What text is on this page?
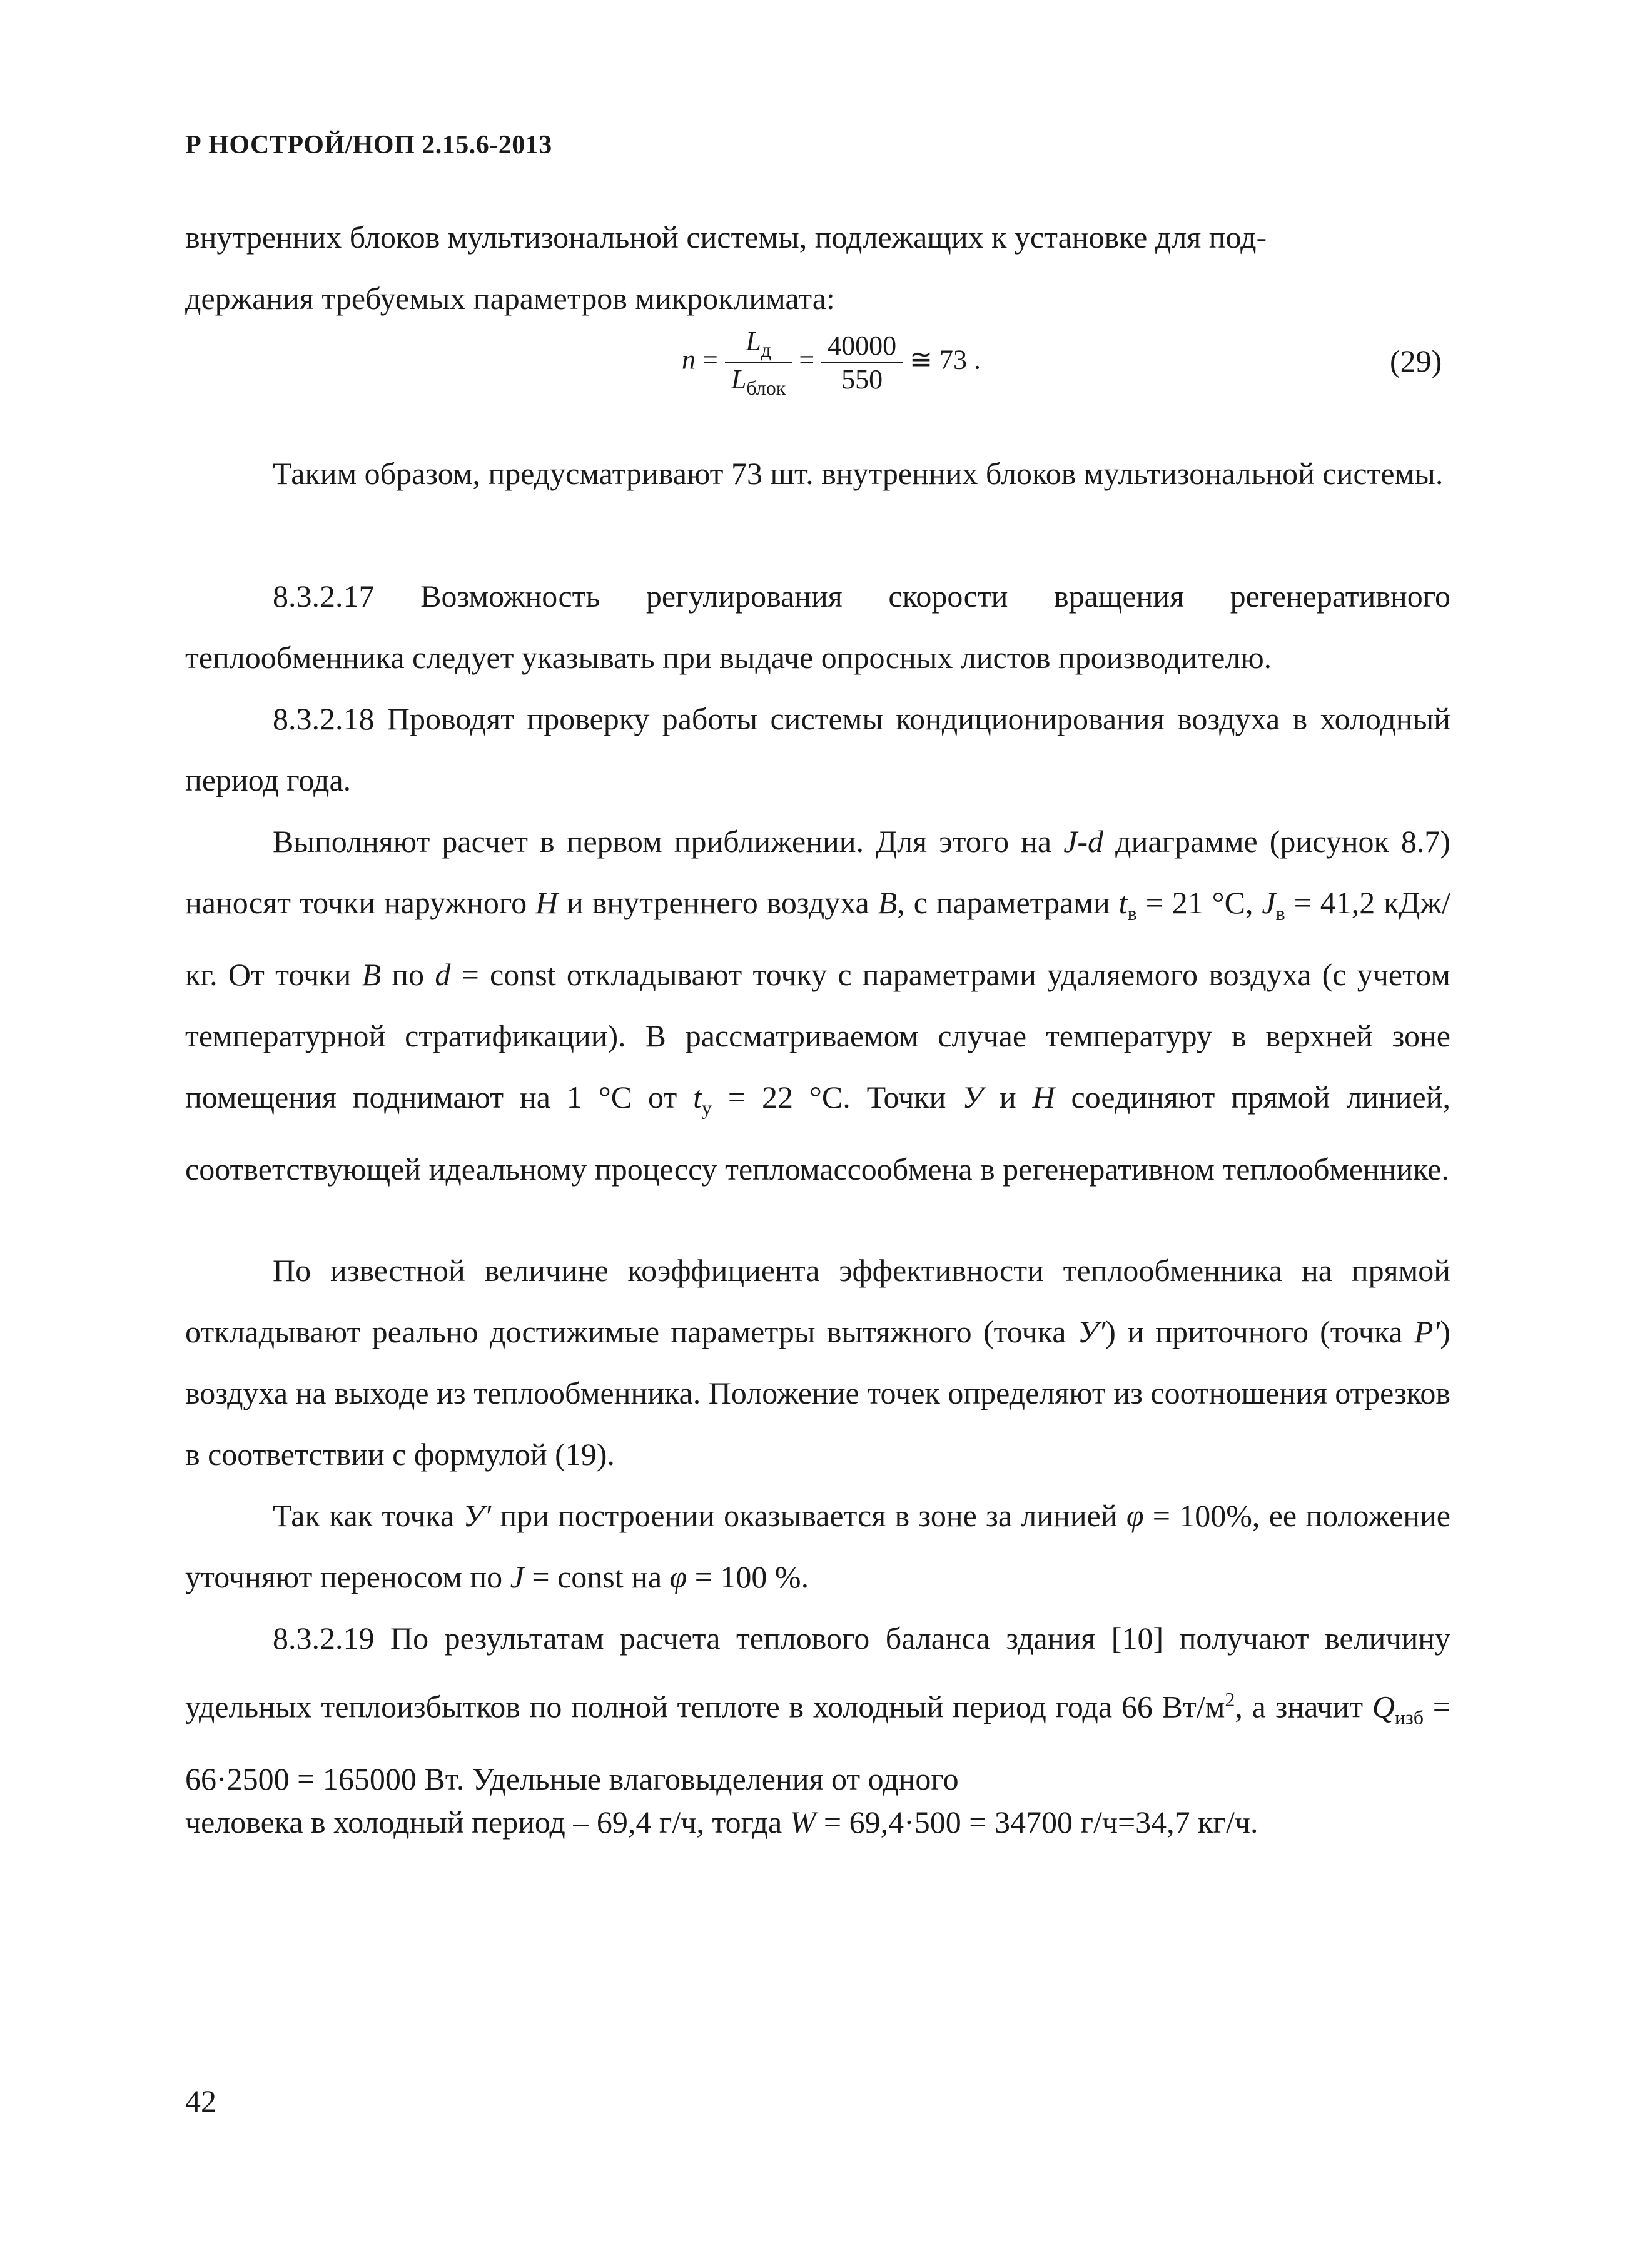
Р НОСТРОЙ/НОП 2.15.6-2013

внутренних блоков мультизональной системы, подлежащих к установке для под-
держания требуемых параметров микроклимата:

$n = \frac{L_д}{L_{блок}} = \frac{40000}{550}$ ≅ 73 .	(29)

Таким образом, предусматривают 73 шт. внутренних блоков мультизональной системы.

8.3.2.17 Возможность регулирования скорости вращения регенеративного теплообменника следует указывать при выдаче опросных листов производителю.

8.3.2.18 Проводят проверку работы системы кондиционирования воздуха в холодный период года.

Выполняют расчет в первом приближении. Для этого на J-d диаграмме (рисунок 8.7) наносят точки наружного Н и внутреннего воздуха В, с параметрами $t_в = 21$ °С, $J_в = 41,2$ кДж/кг. От точки В по d = const откладывают точку с параметрами удаляемого воздуха (с учетом температурной стратификации). В рассматриваемом случае температуру в верхней зоне помещения поднимают на 1 °С от $t_у = 22$ °С. Точки У и Н соединяют прямой линией, соответствующей идеальному процессу тепломассообмена в регенеративном теплообменнике.

По известной величине коэффициента эффективности теплообменника на прямой откладывают реально достижимые параметры вытяжного (точка У′) и приточного (точка Р′) воздуха на выходе из теплообменника. Положение точек определяют из соотношения отрезков в соответствии с формулой (19).

Так как точка У′ при построении оказывается в зоне за линией φ = 100%, ее положение уточняют переносом по J = const на φ = 100 %.

8.3.2.19 По результатам расчета теплового баланса здания [10] получают величину удельных теплоизбытков по полной теплоте в холодный период года 66 $Вт/м^2$, а значит $Q_{изб} = 66\cdot 2500 = 165000$ Вт. Удельные влаговыделения от одного

человека в холодный период – 69,4 г/ч, тогда W = 69,4·500 = 34700 г/ч=34,7 кг/ч.
42
